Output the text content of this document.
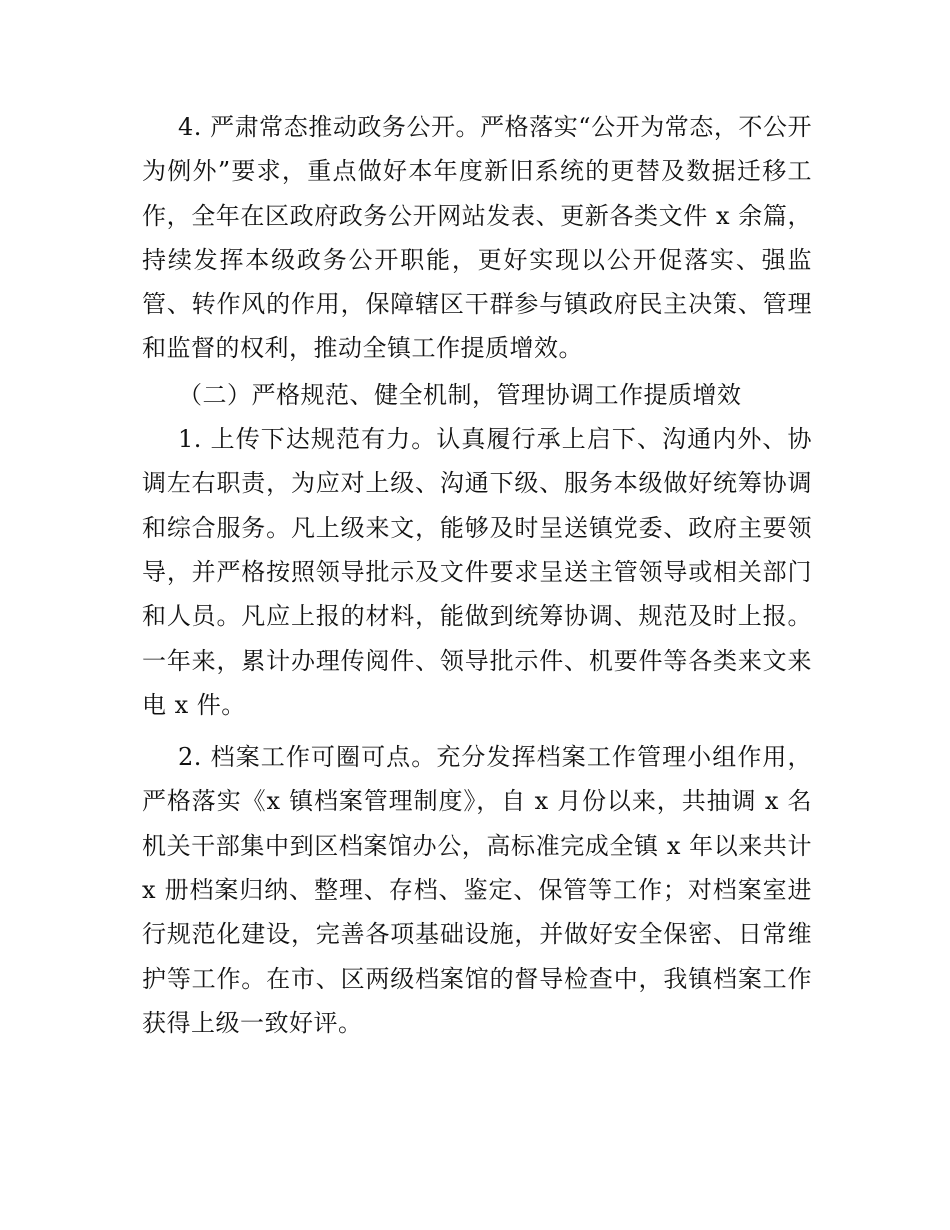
4. 严肃常态推动政务公开。严格落实“公开为常态，不公开为例外”要求，重点做好本年度新旧系统的更替及数据迁移工作，全年在区政府政务公开网站发表、更新各类文件 x 余篇，持续发挥本级政务公开职能，更好实现以公开促落实、强监管、转作风的作用，保障辖区干群参与镇政府民主决策、管理和监督的权利，推动全镇工作提质增效。

（二）严格规范、健全机制，管理协调工作提质增效

1. 上传下达规范有力。认真履行承上启下、沟通内外、协调左右职责，为应对上级、沟通下级、服务本级做好统筹协调和综合服务。凡上级来文，能够及时呈送镇党委、政府主要领导，并严格按照领导批示及文件要求呈送主管领导或相关部门和人员。凡应上报的材料，能做到统筹协调、规范及时上报。一年来，累计办理传阅件、领导批示件、机要件等各类来文来电 x 件。

2. 档案工作可圈可点。充分发挥档案工作管理小组作用，严格落实《x 镇档案管理制度》，自 x 月份以来，共抽调 x 名机关干部集中到区档案馆办公，高标准完成全镇 x 年以来共计 x 册档案归纳、整理、存档、鉴定、保管等工作；对档案室进行规范化建设，完善各项基础设施，并做好安全保密、日常维护等工作。在市、区两级档案馆的督导检查中，我镇档案工作获得上级一致好评。
